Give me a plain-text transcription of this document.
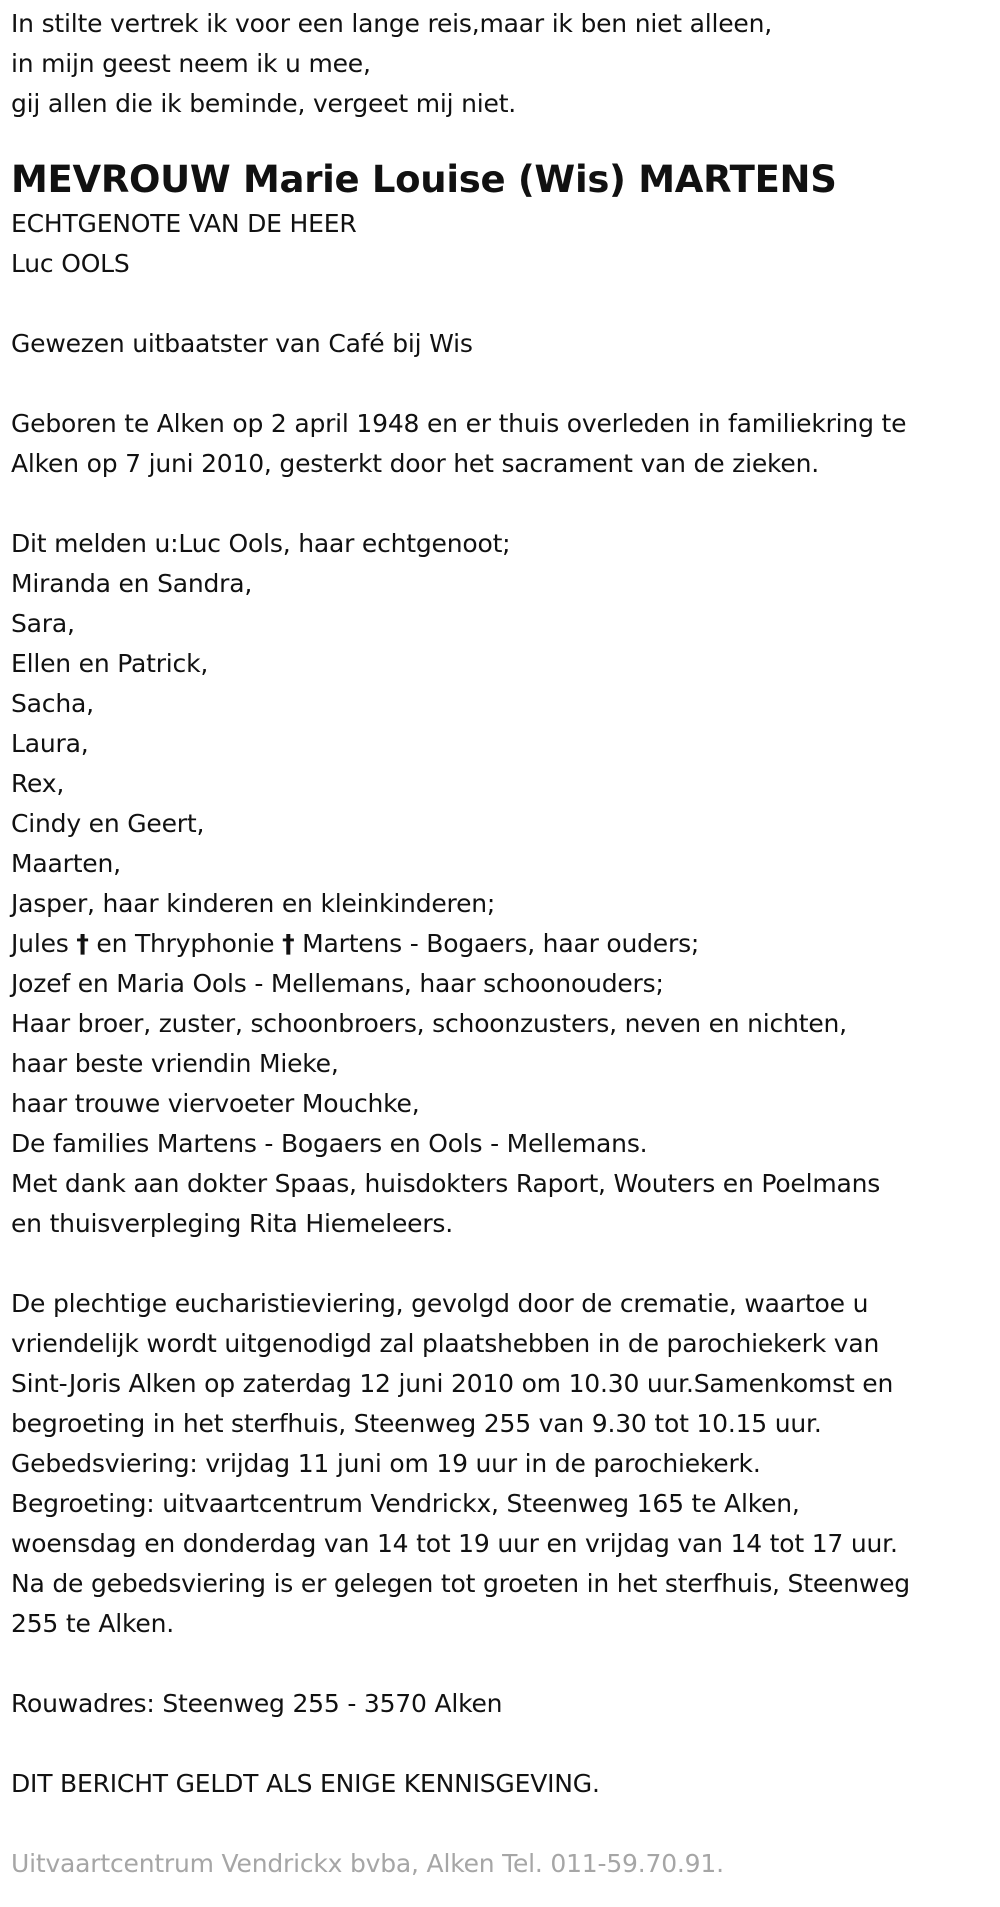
In stilte vertrek ik voor een lange reis,maar ik ben niet alleen,
in mijn geest neem ik u mee,
gij allen die ik beminde, vergeet mij niet.
MEVROUW Marie Louise (Wis) MARTENS
ECHTGENOTE VAN DE HEER
Luc OOLS
Gewezen uitbaatster van Café bij Wis
Geboren te Alken op 2 april 1948 en er thuis overleden in familiekring te
Alken op 7 juni 2010, gesterkt door het sacrament van de zieken.
Dit melden u:Luc Ools, haar echtgenoot;
Miranda en Sandra,
Sara,
Ellen en Patrick,
Sacha,
Laura,
Rex,
Cindy en Geert,
Maarten,
Jasper, haar kinderen en kleinkinderen;
Jules † en Thryphonie † Martens - Bogaers, haar ouders;
Jozef en Maria Ools - Mellemans, haar schoonouders;
Haar broer, zuster, schoonbroers, schoonzusters, neven en nichten,
haar beste vriendin Mieke,
haar trouwe viervoeter Mouchke,
De families Martens - Bogaers en Ools - Mellemans.
Met dank aan dokter Spaas, huisdokters Raport, Wouters en Poelmans
en thuisverpleging Rita Hiemeleers.
De plechtige eucharistieviering, gevolgd door de crematie, waartoe u
vriendelijk wordt uitgenodigd zal plaatshebben in de parochiekerk van
Sint-Joris Alken op zaterdag 12 juni 2010 om 10.30 uur.Samenkomst en
begroeting in het sterfhuis, Steenweg 255 van 9.30 tot 10.15 uur.
Gebedsviering: vrijdag 11 juni om 19 uur in de parochiekerk.
Begroeting: uitvaartcentrum Vendrickx, Steenweg 165 te Alken,
woensdag en donderdag van 14 tot 19 uur en vrijdag van 14 tot 17 uur.
Na de gebedsviering is er gelegen tot groeten in het sterfhuis, Steenweg
255 te Alken.
Rouwadres: Steenweg 255 - 3570 Alken
DIT BERICHT GELDT ALS ENIGE KENNISGEVING.
Uitvaartcentrum Vendrickx bvba, Alken Tel. 011-59.70.91.
